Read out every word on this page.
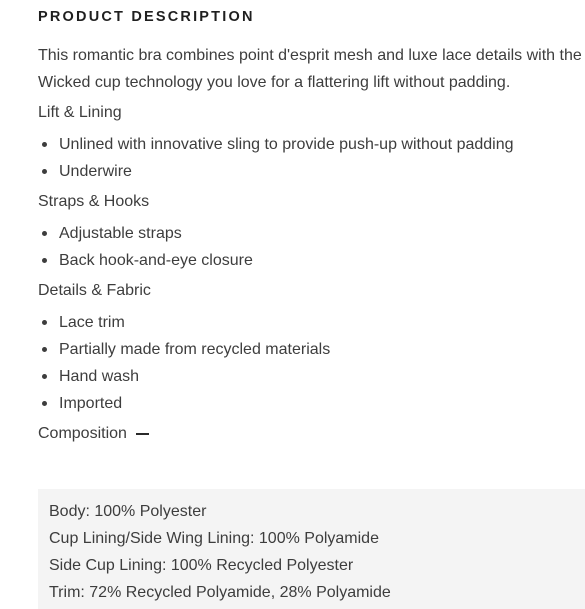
PRODUCT DESCRIPTION

This romantic bra combines point d'esprit mesh and luxe lace details with the Wicked cup technology you love for a flattering lift without padding.

Lift & Lining
Unlined with innovative sling to provide push-up without padding
Underwire
Straps & Hooks
Adjustable straps
Back hook-and-eye closure
Details & Fabric
Lace trim
Partially made from recycled materials
Hand wash
Imported
Composition
Body: 100% Polyester
Cup Lining/Side Wing Lining: 100% Polyamide
Side Cup Lining: 100% Recycled Polyester
Trim: 72% Recycled Polyamide, 28% Polyamide
